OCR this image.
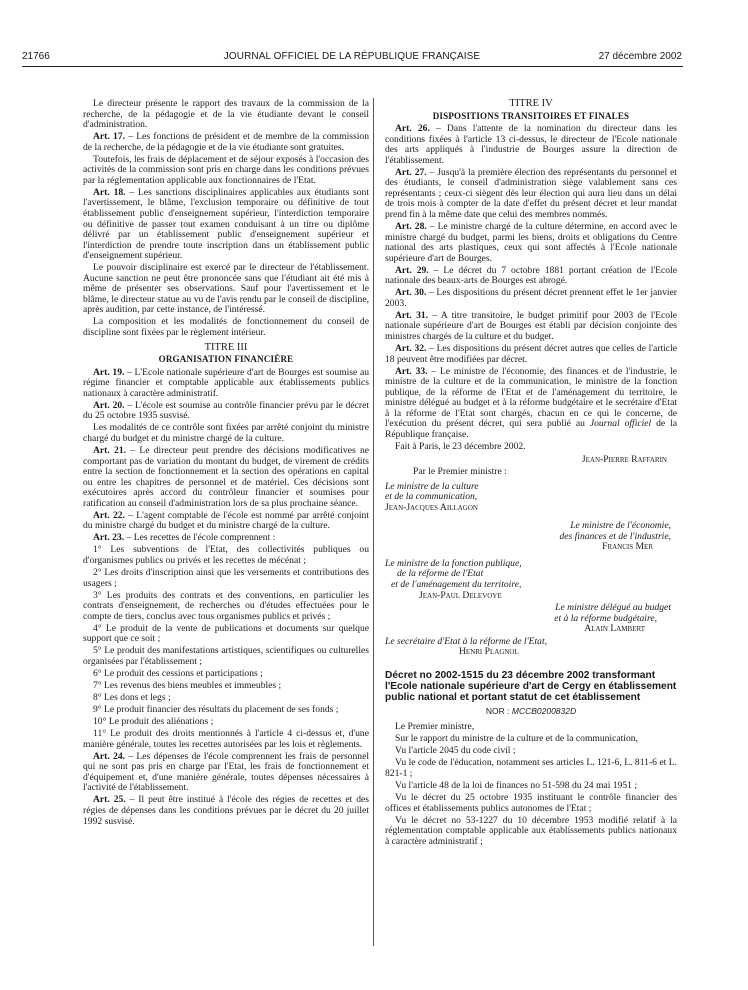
21766	JOURNAL OFFICIEL DE LA RÉPUBLIQUE FRANÇAISE	27 décembre 2002

Le directeur présente le rapport des travaux de la commission de la recherche, de la pédagogie et de la vie étudiante devant le conseil d'administration.

Art. 17. – Les fonctions de président et de membre de la commission de la recherche, de la pédagogie et de la vie étudiante sont gratuites.

Toutefois, les frais de déplacement et de séjour exposés à l'occasion des activités de la commission sont pris en charge dans les conditions prévues par la réglementation applicable aux fonctionnaires de l'Etat.

Art. 18. – Les sanctions disciplinaires applicables aux étudiants sont l'avertissement, le blâme, l'exclusion temporaire ou définitive de tout établissement public d'enseignement supérieur, l'interdiction temporaire ou définitive de passer tout examen conduisant à un titre ou diplôme délivré par un établissement public d'enseignement supérieur et l'interdiction de prendre toute inscription dans un établissement public d'enseignement supérieur.

Le pouvoir disciplinaire est exercé par le directeur de l'établissement. Aucune sanction ne peut être prononcée sans que l'étudiant ait été mis à même de présenter ses observations. Sauf pour l'avertissement et le blâme, le directeur statue au vu de l'avis rendu par le conseil de discipline, après audition, par cette instance, de l'intéressé.

La composition et les modalités de fonctionnement du conseil de discipline sont fixées par le règlement intérieur.

TITRE III
ORGANISATION FINANCIÈRE

Art. 19. – L'Ecole nationale supérieure d'art de Bourges est soumise au régime financier et comptable applicable aux établissements publics nationaux à caractère administratif.

Art. 20. – L'école est soumise au contrôle financier prévu par le décret du 25 octobre 1935 susvisé.

Les modalités de ce contrôle sont fixées par arrêté conjoint du ministre chargé du budget et du ministre chargé de la culture.

Art. 21. – Le directeur peut prendre des décisions modificatives ne comportant pas de variation du montant du budget, de virement de crédits entre la section de fonctionnement et la section des opérations en capital ou entre les chapitres de personnel et de matériel. Ces décisions sont exécutoires après accord du contrôleur financier et soumises pour ratification au conseil d'administration lors de sa plus prochaine séance.

Art. 22. – L'agent comptable de l'école est nommé par arrêté conjoint du ministre chargé du budget et du ministre chargé de la culture.

Art. 23. – Les recettes de l'école comprennent :

1° Les subventions de l'Etat, des collectivités publiques ou d'organismes publics ou privés et les recettes de mécénat ;

2° Les droits d'inscription ainsi que les versements et contributions des usagers ;

3° Les produits des contrats et des conventions, en particulier les contrats d'enseignement, de recherches ou d'études effectuées pour le compte de tiers, conclus avec tous organismes publics et privés ;

4° Le produit de la vente de publications et documents sur quelque support que ce soit ;

5° Le produit des manifestations artistiques, scientifiques ou culturelles organisées par l'établissement ;

6° Le produit des cessions et participations ;

7° Les revenus des biens meubles et immeubles ;

8° Les dons et legs ;

9° Le produit financier des résultats du placement de ses fonds ;

10° Le produit des aliénations ;

11° Le produit des droits mentionnés à l'article 4 ci-dessus et, d'une manière générale, toutes les recettes autorisées par les lois et règlements.

Art. 24. – Les dépenses de l'école comprennent les frais de personnel qui ne sont pas pris en charge par l'Etat, les frais de fonctionnement et d'équipement et, d'une manière générale, toutes dépenses nécessaires à l'activité de l'établissement.

Art. 25. – Il peut être institué à l'école des régies de recettes et des régies de dépenses dans les conditions prévues par le décret du 20 juillet 1992 susvisé.

TITRE IV
DISPOSITIONS TRANSITOIRES ET FINALES

Art. 26. – Dans l'attente de la nomination du directeur dans les conditions fixées à l'article 13 ci-dessus, le directeur de l'Ecole nationale des arts appliqués à l'industrie de Bourges assure la direction de l'établissement.

Art. 27. – Jusqu'à la première élection des représentants du personnel et des étudiants, le conseil d'administration siège valablement sans ces représentants ; ceux-ci siègent dès leur élection qui aura lieu dans un délai de trois mois à compter de la date d'effet du présent décret et leur mandat prend fin à la même date que celui des membres nommés.

Art. 28. – Le ministre chargé de la culture détermine, en accord avec le ministre chargé du budget, parmi les biens, droits et obligations du Centre national des arts plastiques, ceux qui sont affectés à l'Ecole nationale supérieure d'art de Bourges.

Art. 29. – Le décret du 7 octobre 1881 portant création de l'Ecole nationale des beaux-arts de Bourges est abrogé.

Art. 30. – Les dispositions du présent décret prennent effet le 1er janvier 2003.

Art. 31. – A titre transitoire, le budget primitif pour 2003 de l'Ecole nationale supérieure d'art de Bourges est établi par décision conjointe des ministres chargés de la culture et du budget.

Art. 32. – Les dispositions du présent décret autres que celles de l'article 18 peuvent être modifiées par décret.

Art. 33. – Le ministre de l'économie, des finances et de l'industrie, le ministre de la culture et de la communication, le ministre de la fonction publique, de la réforme de l'Etat et de l'aménagement du territoire, le ministre délégué au budget et à la réforme budgétaire et le secrétaire d'Etat à la réforme de l'Etat sont chargés, chacun en ce qui le concerne, de l'exécution du présent décret, qui sera publié au Journal officiel de la République française.

Fait à Paris, le 23 décembre 2002.

Jean-Pierre Raffarin
Par le Premier ministre :
Le ministre de la culture
et de la communication,
Jean-Jacques Aillagon
Le ministre de l'économie,
des finances et de l'industrie,
Francis Mer
Le ministre de la fonction publique,
de la réforme de l'Etat
et de l'aménagement du territoire,
Jean-Paul Delevoye
Le ministre délégué au budget
et à la réforme budgétaire,
Alain Lambert
Le secrétaire d'Etat à la réforme de l'Etat,
Henri Plagnol
Décret no 2002-1515 du 23 décembre 2002 transformant l'Ecole nationale supérieure d'art de Cergy en établissement public national et portant statut de cet établissement
NOR : MCCB0200832D

Le Premier ministre,

Sur le rapport du ministre de la culture et de la communication,

Vu l'article 2045 du code civil ;

Vu le code de l'éducation, notamment ses articles L. 121-6, L. 811-6 et L. 821-1 ;

Vu l'article 48 de la loi de finances no 51-598 du 24 mai 1951 ;

Vu le décret du 25 octobre 1935 instituant le contrôle financier des offices et établissements publics autonomes de l'Etat ;

Vu le décret no 53-1227 du 10 décembre 1953 modifié relatif à la réglementation comptable applicable aux établissements publics nationaux à caractère administratif ;
